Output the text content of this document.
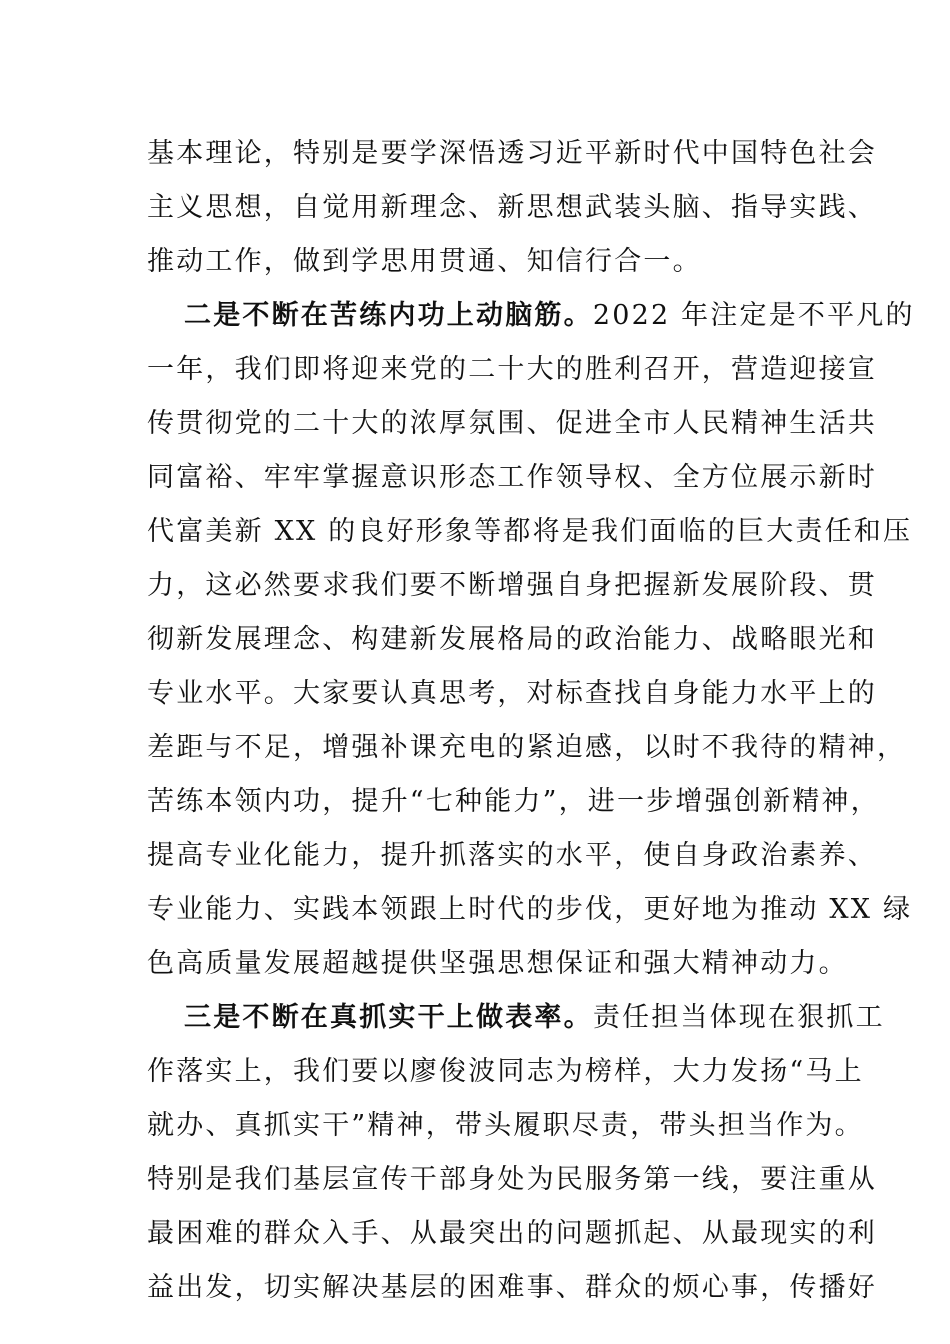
基本理论，特别是要学深悟透习近平新时代中国特色社会
主义思想，自觉用新理念、新思想武装头脑、指导实践、
推动工作，做到学思用贯通、知信行合一。
二是不断在苦练内功上动脑筋。2022 年注定是不平凡的
一年，我们即将迎来党的二十大的胜利召开，营造迎接宣
传贯彻党的二十大的浓厚氛围、促进全市人民精神生活共
同富裕、牢牢掌握意识形态工作领导权、全方位展示新时
代富美新 XX 的良好形象等都将是我们面临的巨大责任和压
力，这必然要求我们要不断增强自身把握新发展阶段、贯
彻新发展理念、构建新发展格局的政治能力、战略眼光和
专业水平。大家要认真思考，对标查找自身能力水平上的
差距与不足，增强补课充电的紧迫感，以时不我待的精神，
苦练本领内功，提升“七种能力”，进一步增强创新精神，
提高专业化能力，提升抓落实的水平，使自身政治素养、
专业能力、实践本领跟上时代的步伐，更好地为推动 XX 绿
色高质量发展超越提供坚强思想保证和强大精神动力。
三是不断在真抓实干上做表率。责任担当体现在狠抓工
作落实上，我们要以廖俊波同志为榜样，大力发扬“马上
就办、真抓实干”精神，带头履职尽责，带头担当作为。
特别是我们基层宣传干部身处为民服务第一线，要注重从
最困难的群众入手、从最突出的问题抓起、从最现实的利
益出发，切实解决基层的困难事、群众的烦心事，传播好
